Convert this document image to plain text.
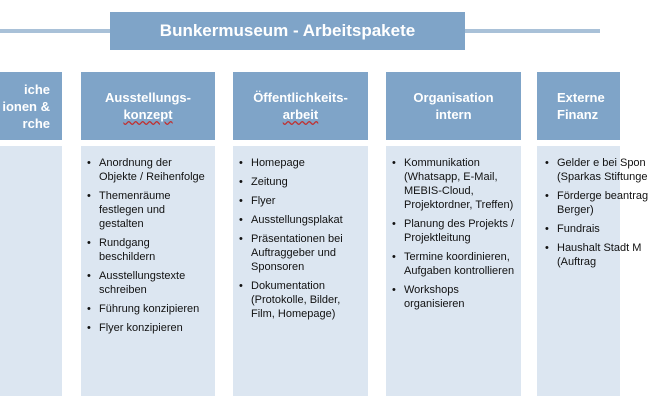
Bunkermuseum - Arbeitspakete
iche
ionen &
rche
Ausstellungs-
konzept
• Anordnung der Objekte / Reihenfolge
• Themenräume festlegen und gestalten
• Rundgang beschildern
• Ausstellungstexte schreiben
• Führung konzipieren
• Flyer konzipieren
Öffentlichkeits-
arbeit
• Homepage
• Zeitung
• Flyer
• Ausstellungsplakat
• Präsentationen bei Auftraggeber und Sponsoren
• Dokumentation (Protokolle, Bilder, Film, Homepage)
Organisation
intern
• Kommunikation (Whatsapp, E-Mail, MEBIS-Cloud, Projektordner, Treffen)
• Planung des Projekts / Projektleitung
• Termine koordinieren, Aufgaben kontrollieren
• Workshops organisieren
Externe
Finanz
• Gelder e bei Spon (Sparkas Stiftunge
• Förderge beantrag Berger)
• Fundrais
• Haushalt Stadt M (Auftrag
